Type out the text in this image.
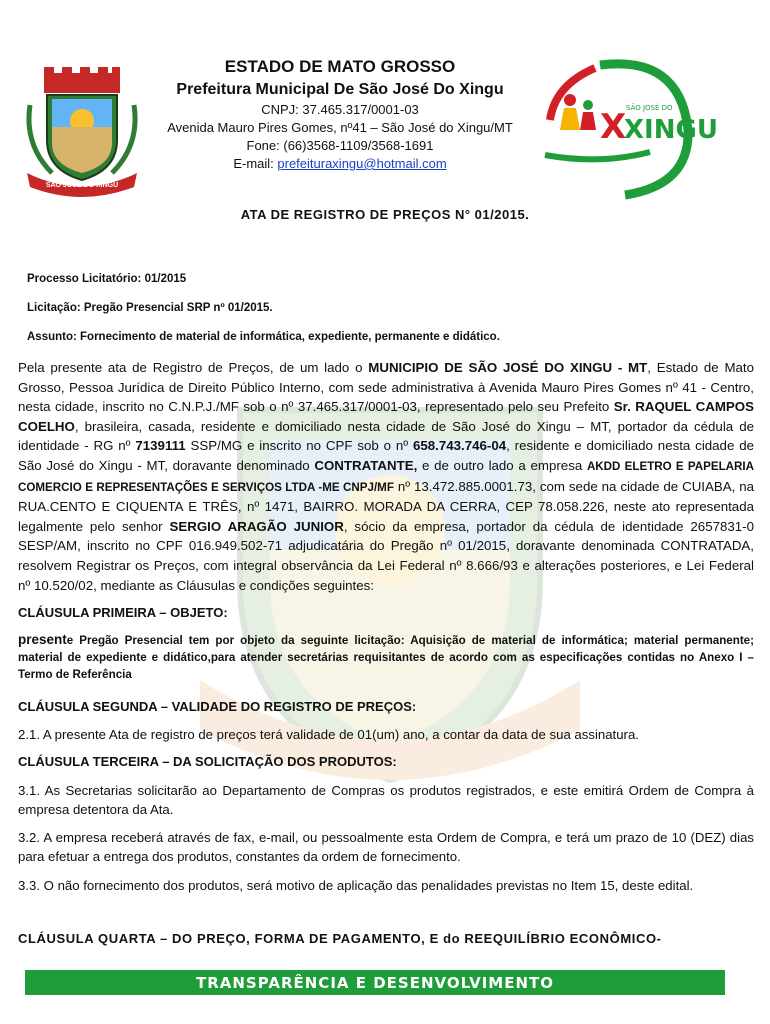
SÃO JOSÉ DO XINGU

ESTADO DE MATO GROSSO

Prefeitura Municipal De São José Do Xingu

CNPJ: 37.465.317/0001-03

Avenida Mauro Pires Gomes, nº41 – São José do Xingu/MT

Fone: (66)3568-1109/3568-1691

E-mail: prefeituraxingu@hotmail.com

X
XINGU
SÃO JOSÉ DO
ATA DE REGISTRO DE PREÇOS N° 01/2015.
Processo Licitatório: 01/2015
Licitação: Pregão Presencial SRP nº 01/2015.
Assunto: Fornecimento de material de informática, expediente, permanente e didático.

Pela presente ata de Registro de Preços, de um lado o MUNICIPIO DE SÃO JOSÉ DO XINGU - MT, Estado de Mato Grosso, Pessoa Jurídica de Direito Público Interno, com sede administrativa à Avenida Mauro Pires Gomes nº 41 - Centro, nesta cidade, inscrito no C.N.P.J./MF sob o nº 37.465.317/0001-03, representado pelo seu Prefeito Sr. RAQUEL CAMPOS COELHO, brasileira, casada, residente e domiciliado nesta cidade de São José do Xingu – MT, portador da cédula de identidade - RG nº 7139111 SSP/MG e inscrito no CPF sob o nº 658.743.746-04, residente e domiciliado nesta cidade de São José do Xingu - MT, doravante denominado CONTRATANTE, e de outro lado a empresa AKDD ELETRO E PAPELARIA COMERCIO E REPRESENTAÇÕES E SERVIÇOS LTDA -ME CNPJ/MF nº 13.472.885.0001.73, com sede na cidade de CUIABA, na RUA.CENTO E CIQUENTA E TRÊS, nº 1471, BAIRRO. MORADA DA CERRA, CEP 78.058.226, neste ato representada legalmente pelo senhor SERGIO ARAGÃO JUNIOR, sócio da empresa, portador da cédula de identidade 2657831-0 SESP/AM, inscrito no CPF 016.949.502-71 adjudicatária do Pregão nº 01/2015, doravante denominada CONTRATADA, resolvem Registrar os Preços, com integral observância da Lei Federal nº 8.666/93 e alterações posteriores, e Lei Federal nº 10.520/02, mediante as Cláusulas e condições seguintes:

CLÁUSULA PRIMEIRA – OBJETO:

presente Pregão Presencial tem por objeto da seguinte licitação: Aquisição de material de informática; material permanente; material de expediente e didático,para atender secretárias requisitantes de acordo com as especificações contidas no Anexo I – Termo de Referência

CLÁUSULA SEGUNDA – VALIDADE DO REGISTRO DE PREÇOS:

2.1. A presente Ata de registro de preços terá validade de 01(um) ano, a contar da data de sua assinatura.

CLÁUSULA TERCEIRA – DA SOLICITAÇÃO DOS PRODUTOS:

3.1. As Secretarias solicitarão ao Departamento de Compras os produtos registrados, e este emitirá Ordem de Compra à empresa detentora da Ata.

3.2. A empresa receberá através de fax, e-mail, ou pessoalmente esta Ordem de Compra, e terá um prazo de 10 (DEZ) dias para efetuar a entrega dos produtos, constantes da ordem de fornecimento.

3.3. O não fornecimento dos produtos, será motivo de aplicação das penalidades previstas no Item 15, deste edital.

CLÁUSULA QUARTA – DO PREÇO, FORMA DE PAGAMENTO, E do REEQUILÍBRIO ECONÔMICO-

TRANSPARÊNCIA E DESENVOLVIMENTO
